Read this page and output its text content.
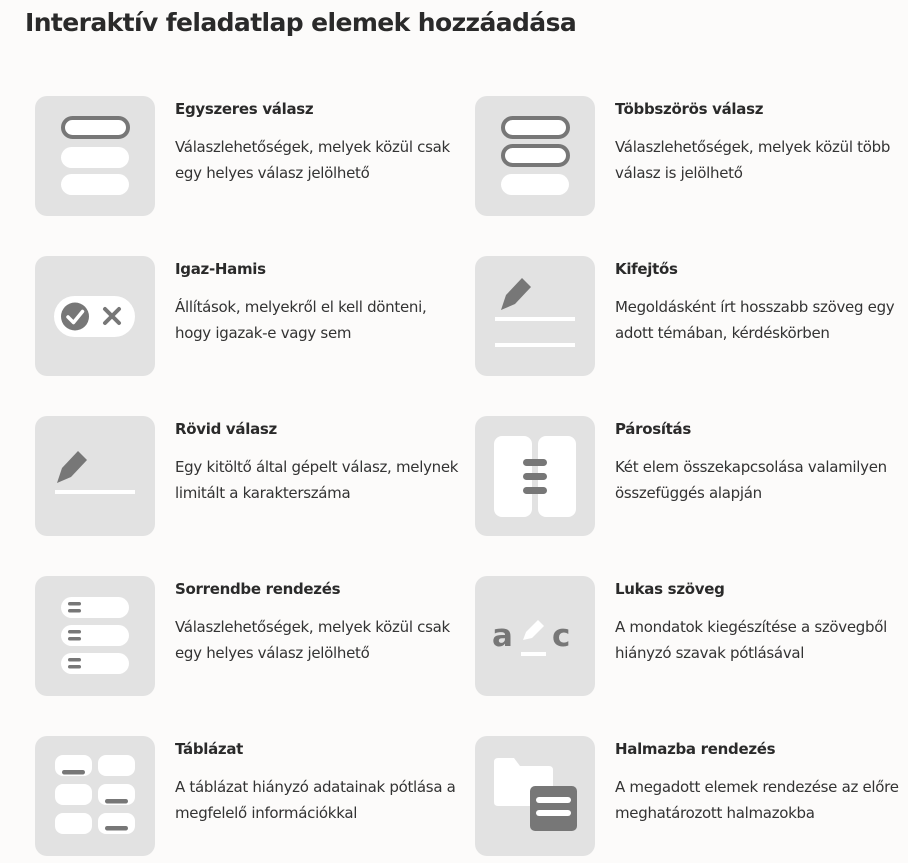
Interaktív feladatlap elemek hozzáadása
Egyszeres válasz
Válaszlehetőségek, melyek közül csak egy helyes válasz jelölhető
Többszörös válasz
Válaszlehetőségek, melyek közül több válasz is jelölhető
Igaz-Hamis
Állítások, melyekről el kell dönteni, hogy igazak-e vagy sem
Kifejtős
Megoldásként írt hosszabb szöveg egy adott témában, kérdéskörben
Rövid válasz
Egy kitöltő által gépelt válasz, melynek limitált a karakterszáma
Párosítás
Két elem összekapcsolása valamilyen összefüggés alapján
Sorrendbe rendezés
Válaszlehetőségek, melyek közül csak egy helyes válasz jelölhető	a c
Lukas szöveg
A mondatok kiegészítése a szövegből hiányzó szavak pótlásával
Táblázat
A táblázat hiányzó adatainak pótlása a megfelelő információkkal
Halmazba rendezés
A megadott elemek rendezése az előre meghatározott halmazokba
